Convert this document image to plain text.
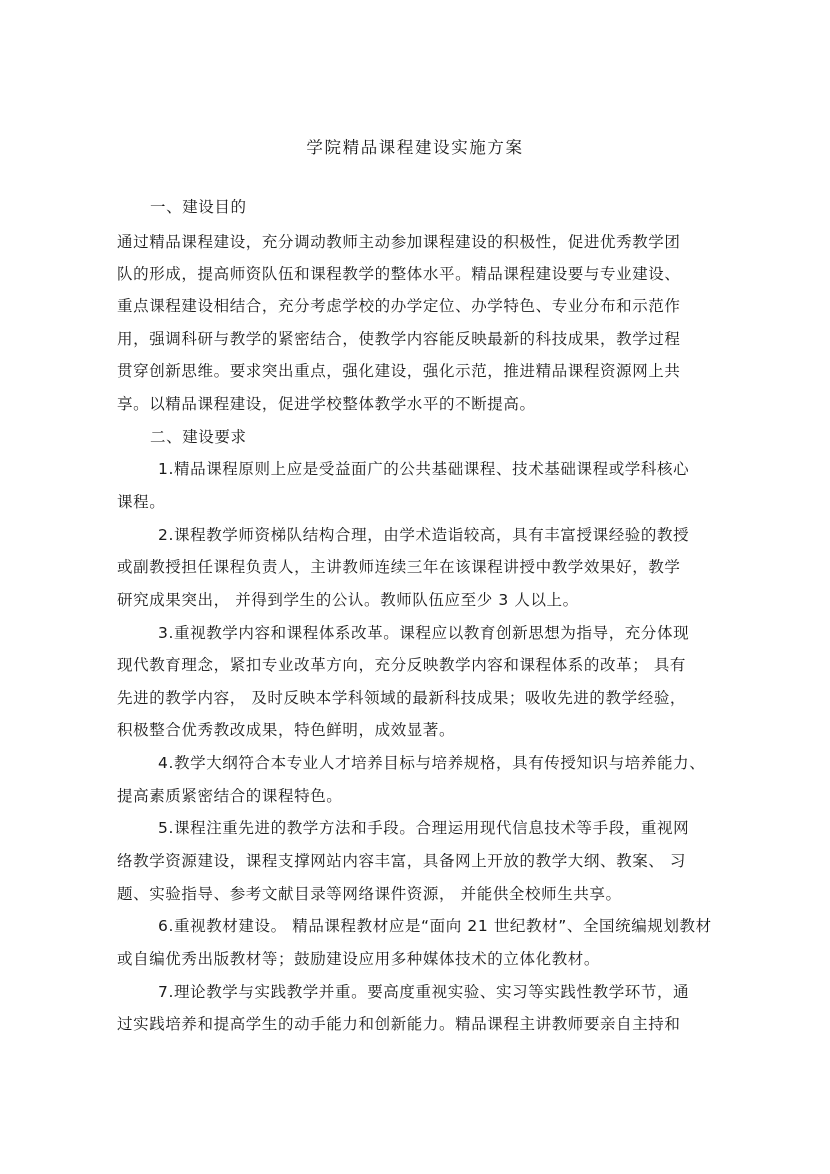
学院精品课程建设实施方案
一、建设目的
通过精品课程建设，充分调动教师主动参加课程建设的积极性，促进优秀教学团
队的形成，提高师资队伍和课程教学的整体水平。精品课程建设要与专业建设、
重点课程建设相结合，充分考虑学校的办学定位、办学特色、专业分布和示范作
用，强调科研与教学的紧密结合，使教学内容能反映最新的科技成果，教学过程
贯穿创新思维。要求突出重点，强化建设，强化示范，推进精品课程资源网上共
享。以精品课程建设，促进学校整体教学水平的不断提高。
二、建设要求
1.精品课程原则上应是受益面广的公共基础课程、技术基础课程或学科核心
课程。
2.课程教学师资梯队结构合理，由学术造诣较高，具有丰富授课经验的教授
或副教授担任课程负责人，主讲教师连续三年在该课程讲授中教学效果好，教学
研究成果突出， 并得到学生的公认。教师队伍应至少 3 人以上。
3.重视教学内容和课程体系改革。课程应以教育创新思想为指导，充分体现
现代教育理念，紧扣专业改革方向，充分反映教学内容和课程体系的改革； 具有
先进的教学内容， 及时反映本学科领域的最新科技成果；吸收先进的教学经验，
积极整合优秀教改成果，特色鲜明，成效显著。
4.教学大纲符合本专业人才培养目标与培养规格，具有传授知识与培养能力、
提高素质紧密结合的课程特色。
5.课程注重先进的教学方法和手段。合理运用现代信息技术等手段，重视网
络教学资源建设，课程支撑网站内容丰富，具备网上开放的教学大纲、教案、 习
题、实验指导、参考文献目录等网络课件资源， 并能供全校师生共享。
6.重视教材建设。 精品课程教材应是“面向 21 世纪教材”、全国统编规划教材
或自编优秀出版教材等；鼓励建设应用多种媒体技术的立体化教材。
7.理论教学与实践教学并重。要高度重视实验、实习等实践性教学环节，通
过实践培养和提高学生的动手能力和创新能力。精品课程主讲教师要亲自主持和
